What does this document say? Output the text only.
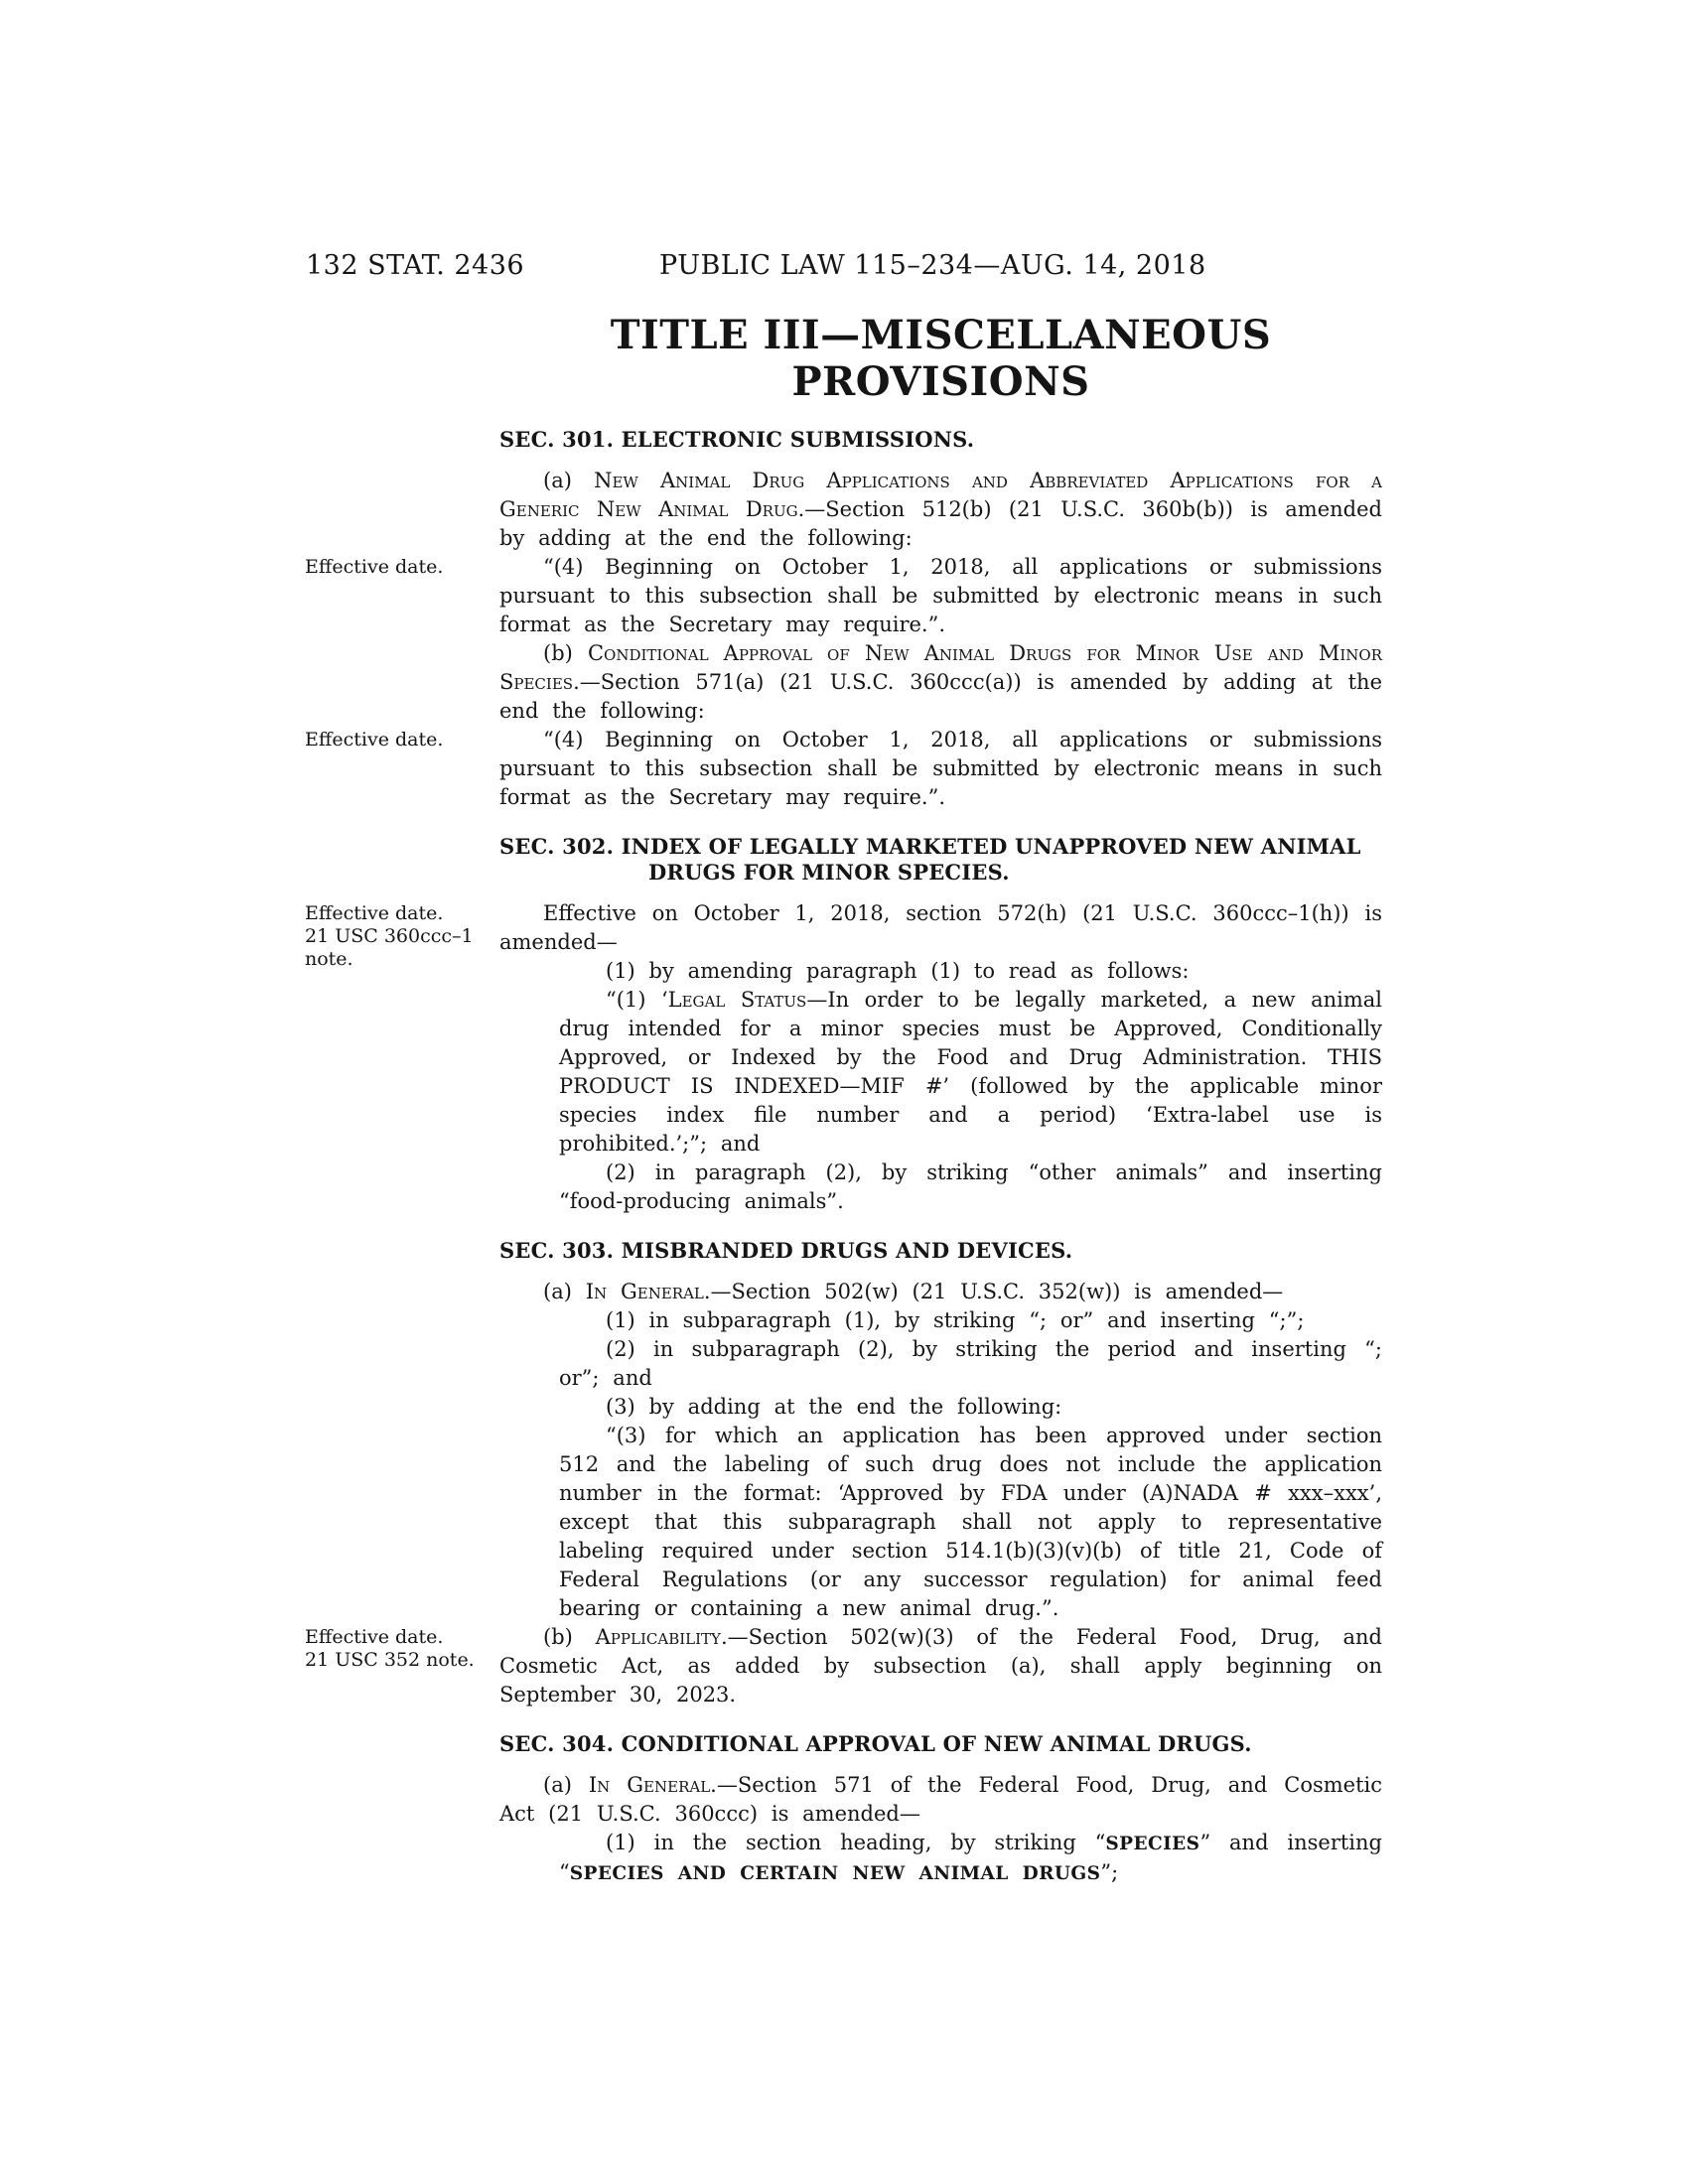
132 STAT. 2436	PUBLIC LAW 115–234—AUG. 14, 2018
TITLE III—MISCELLANEOUS
PROVISIONS
SEC. 301. ELECTRONIC SUBMISSIONS.
(a) New Animal Drug Applications and Abbreviated Applications for a Generic New Animal Drug.—Section 512(b) (21 U.S.C. 360b(b)) is amended by adding at the end the following:
“(4) Beginning on October 1, 2018, all applications or submissions pursuant to this subsection shall be submitted by electronic means in such format as the Secretary may require.”.
Effective date.
(b) Conditional Approval of New Animal Drugs for Minor Use and Minor Species.—Section 571(a) (21 U.S.C. 360ccc(a)) is amended by adding at the end the following:
“(4) Beginning on October 1, 2018, all applications or submissions pursuant to this subsection shall be submitted by electronic means in such format as the Secretary may require.”.
Effective date.
SEC. 302. INDEX OF LEGALLY MARKETED UNAPPROVED NEW ANIMAL
DRUGS FOR MINOR SPECIES.
Effective on October 1, 2018, section 572(h) (21 U.S.C. 360ccc–1(h)) is amended—
Effective date.
21 USC 360ccc–1
note.	(1) by amending paragraph (1) to read as follows:
“(1) ‘Legal Status—In order to be legally marketed, a new animal drug intended for a minor species must be Approved, Conditionally Approved, or Indexed by the Food and Drug Administration. THIS PRODUCT IS INDEXED—MIF #’ (followed by the applicable minor species index file number and a period) ‘Extra-label use is prohibited.’;”; and
(2) in paragraph (2), by striking “other animals” and inserting “food-producing animals”.
SEC. 303. MISBRANDED DRUGS AND DEVICES.
(a) In General.—Section 502(w) (21 U.S.C. 352(w)) is amended—
(1) in subparagraph (1), by striking “; or” and inserting “;”;
(2) in subparagraph (2), by striking the period and inserting “; or”; and
(3) by adding at the end the following:
“(3) for which an application has been approved under section 512 and the labeling of such drug does not include the application number in the format: ‘Approved by FDA under (A)NADA # xxx–xxx’, except that this subparagraph shall not apply to representative labeling required under section 514.1(b)(3)(v)(b) of title 21, Code of Federal Regulations (or any successor regulation) for animal feed bearing or containing a new animal drug.”.
(b) Applicability.—Section 502(w)(3) of the Federal Food, Drug, and Cosmetic Act, as added by subsection (a), shall apply beginning on September 30, 2023.
Effective date.
21 USC 352 note.
SEC. 304. CONDITIONAL APPROVAL OF NEW ANIMAL DRUGS.
(a) In General.—Section 571 of the Federal Food, Drug, and Cosmetic Act (21 U.S.C. 360ccc) is amended—
(1) in the section heading, by striking “SPECIES” and inserting “SPECIES AND CERTAIN NEW ANIMAL DRUGS”;
